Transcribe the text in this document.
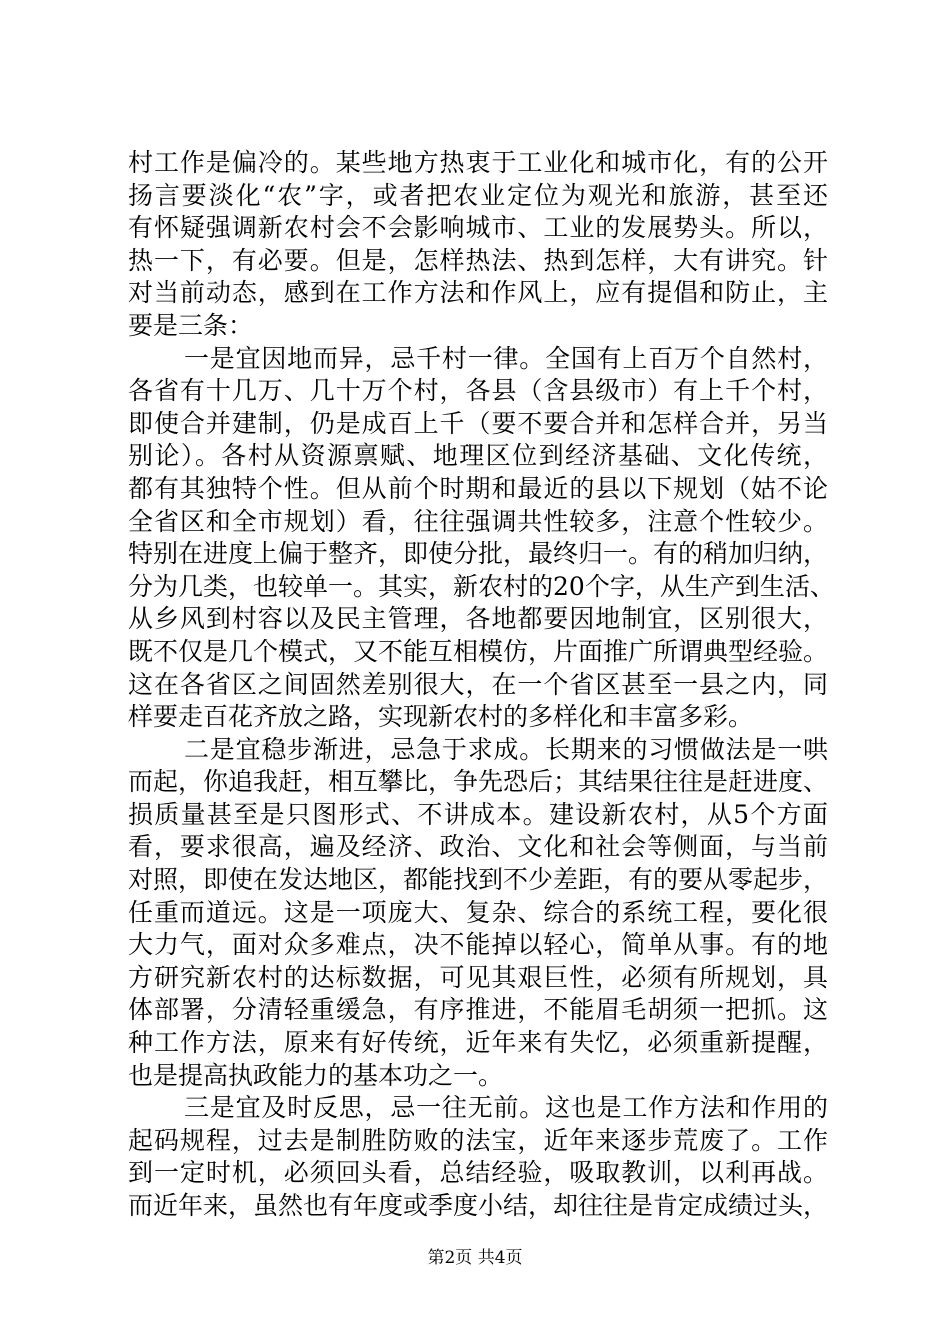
村工作是偏冷的。某些地方热衷于工业化和城市化，有的公开
扬言要淡化“农”字，或者把农业定位为观光和旅游，甚至还
有怀疑强调新农村会不会影响城市、工业的发展势头。所以，
热一下，有必要。但是，怎样热法、热到怎样，大有讲究。针
对当前动态，感到在工作方法和作风上，应有提倡和防止，主
要是三条：
一是宜因地而异，忌千村一律。全国有上百万个自然村，
各省有十几万、几十万个村，各县（含县级市）有上千个村，
即使合并建制，仍是成百上千（要不要合并和怎样合并，另当
别论）。各村从资源禀赋、地理区位到经济基础、文化传统，
都有其独特个性。但从前个时期和最近的县以下规划（姑不论
全省区和全市规划）看，往往强调共性较多，注意个性较少。
特别在进度上偏于整齐，即使分批，最终归一。有的稍加归纳，
分为几类，也较单一。其实，新农村的20个字，从生产到生活、
从乡风到村容以及民主管理，各地都要因地制宜，区别很大，
既不仅是几个模式，又不能互相模仿，片面推广所谓典型经验。
这在各省区之间固然差别很大，在一个省区甚至一县之内，同
样要走百花齐放之路，实现新农村的多样化和丰富多彩。
二是宜稳步渐进，忌急于求成。长期来的习惯做法是一哄
而起，你追我赶，相互攀比，争先恐后；其结果往往是赶进度、
损质量甚至是只图形式、不讲成本。建设新农村，从5个方面
看，要求很高，遍及经济、政治、文化和社会等侧面，与当前
对照，即使在发达地区，都能找到不少差距，有的要从零起步，
任重而道远。这是一项庞大、复杂、综合的系统工程，要化很
大力气，面对众多难点，决不能掉以轻心，简单从事。有的地
方研究新农村的达标数据，可见其艰巨性，必须有所规划，具
体部署，分清轻重缓急，有序推进，不能眉毛胡须一把抓。这
种工作方法，原来有好传统，近年来有失忆，必须重新提醒，
也是提高执政能力的基本功之一。
三是宜及时反思，忌一往无前。这也是工作方法和作用的
起码规程，过去是制胜防败的法宝，近年来逐步荒废了。工作
到一定时机，必须回头看，总结经验，吸取教训，以利再战。
而近年来，虽然也有年度或季度小结，却往往是肯定成绩过头，
第2页 共4页
